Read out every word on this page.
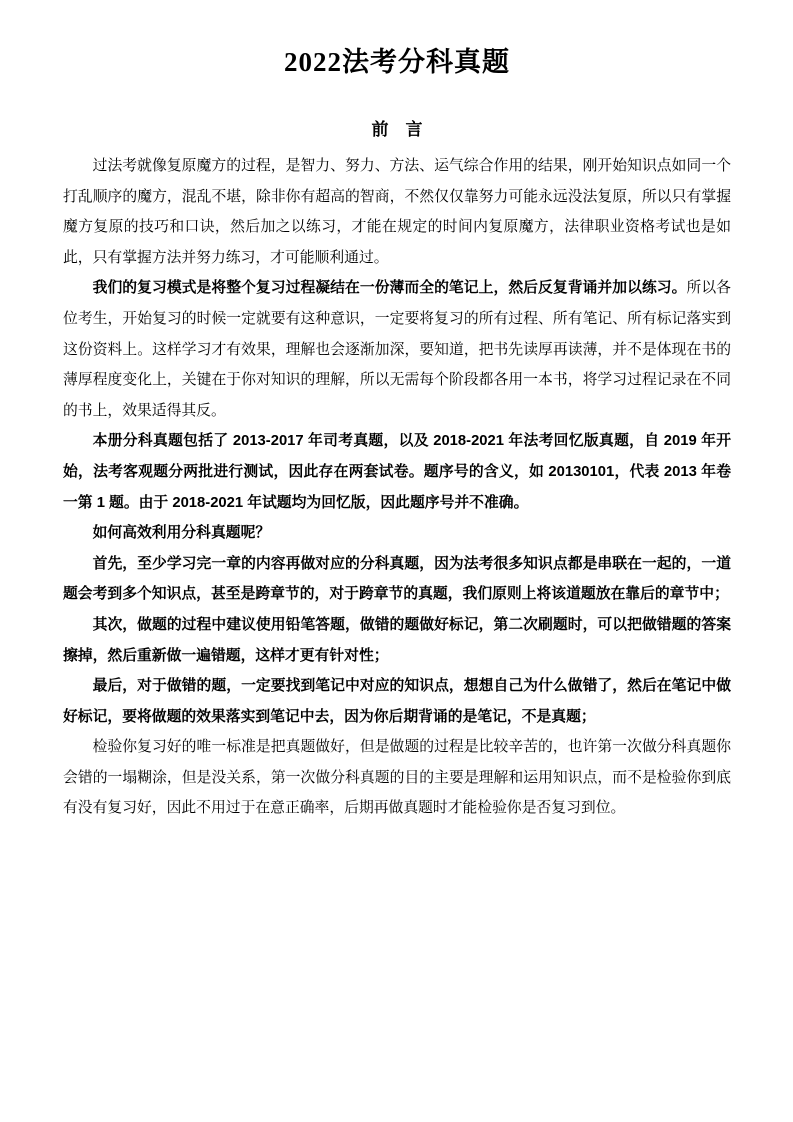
2022法考分科真题
前　言

过法考就像复原魔方的过程，是智力、努力、方法、运气综合作用的结果，刚开始知识点如同一个打乱顺序的魔方，混乱不堪，除非你有超高的智商，不然仅仅靠努力可能永远没法复原，所以只有掌握魔方复原的技巧和口诀，然后加之以练习，才能在规定的时间内复原魔方，法律职业资格考试也是如此，只有掌握方法并努力练习，才可能顺利通过。

我们的复习模式是将整个复习过程凝结在一份薄而全的笔记上，然后反复背诵并加以练习。所以各位考生，开始复习的时候一定就要有这种意识，一定要将复习的所有过程、所有笔记、所有标记落实到这份资料上。这样学习才有效果，理解也会逐渐加深，要知道，把书先读厚再读薄，并不是体现在书的薄厚程度变化上，关键在于你对知识的理解，所以无需每个阶段都各用一本书，将学习过程记录在不同的书上，效果适得其反。

本册分科真题包括了 2013-2017 年司考真题，以及 2018-2021 年法考回忆版真题，自 2019 年开始，法考客观题分两批进行测试，因此存在两套试卷。题序号的含义，如 20130101，代表 2013 年卷一第 1 题。由于 2018-2021 年试题均为回忆版，因此题序号并不准确。

如何高效利用分科真题呢？

首先，至少学习完一章的内容再做对应的分科真题，因为法考很多知识点都是串联在一起的，一道题会考到多个知识点，甚至是跨章节的，对于跨章节的真题，我们原则上将该道题放在靠后的章节中；

其次，做题的过程中建议使用铅笔答题，做错的题做好标记，第二次刷题时，可以把做错题的答案擦掉，然后重新做一遍错题，这样才更有针对性；

最后，对于做错的题，一定要找到笔记中对应的知识点，想想自己为什么做错了，然后在笔记中做好标记，要将做题的效果落实到笔记中去，因为你后期背诵的是笔记，不是真题；

检验你复习好的唯一标准是把真题做好，但是做题的过程是比较辛苦的，也许第一次做分科真题你会错的一塌糊涂，但是没关系，第一次做分科真题的目的主要是理解和运用知识点，而不是检验你到底有没有复习好，因此不用过于在意正确率，后期再做真题时才能检验你是否复习到位。
